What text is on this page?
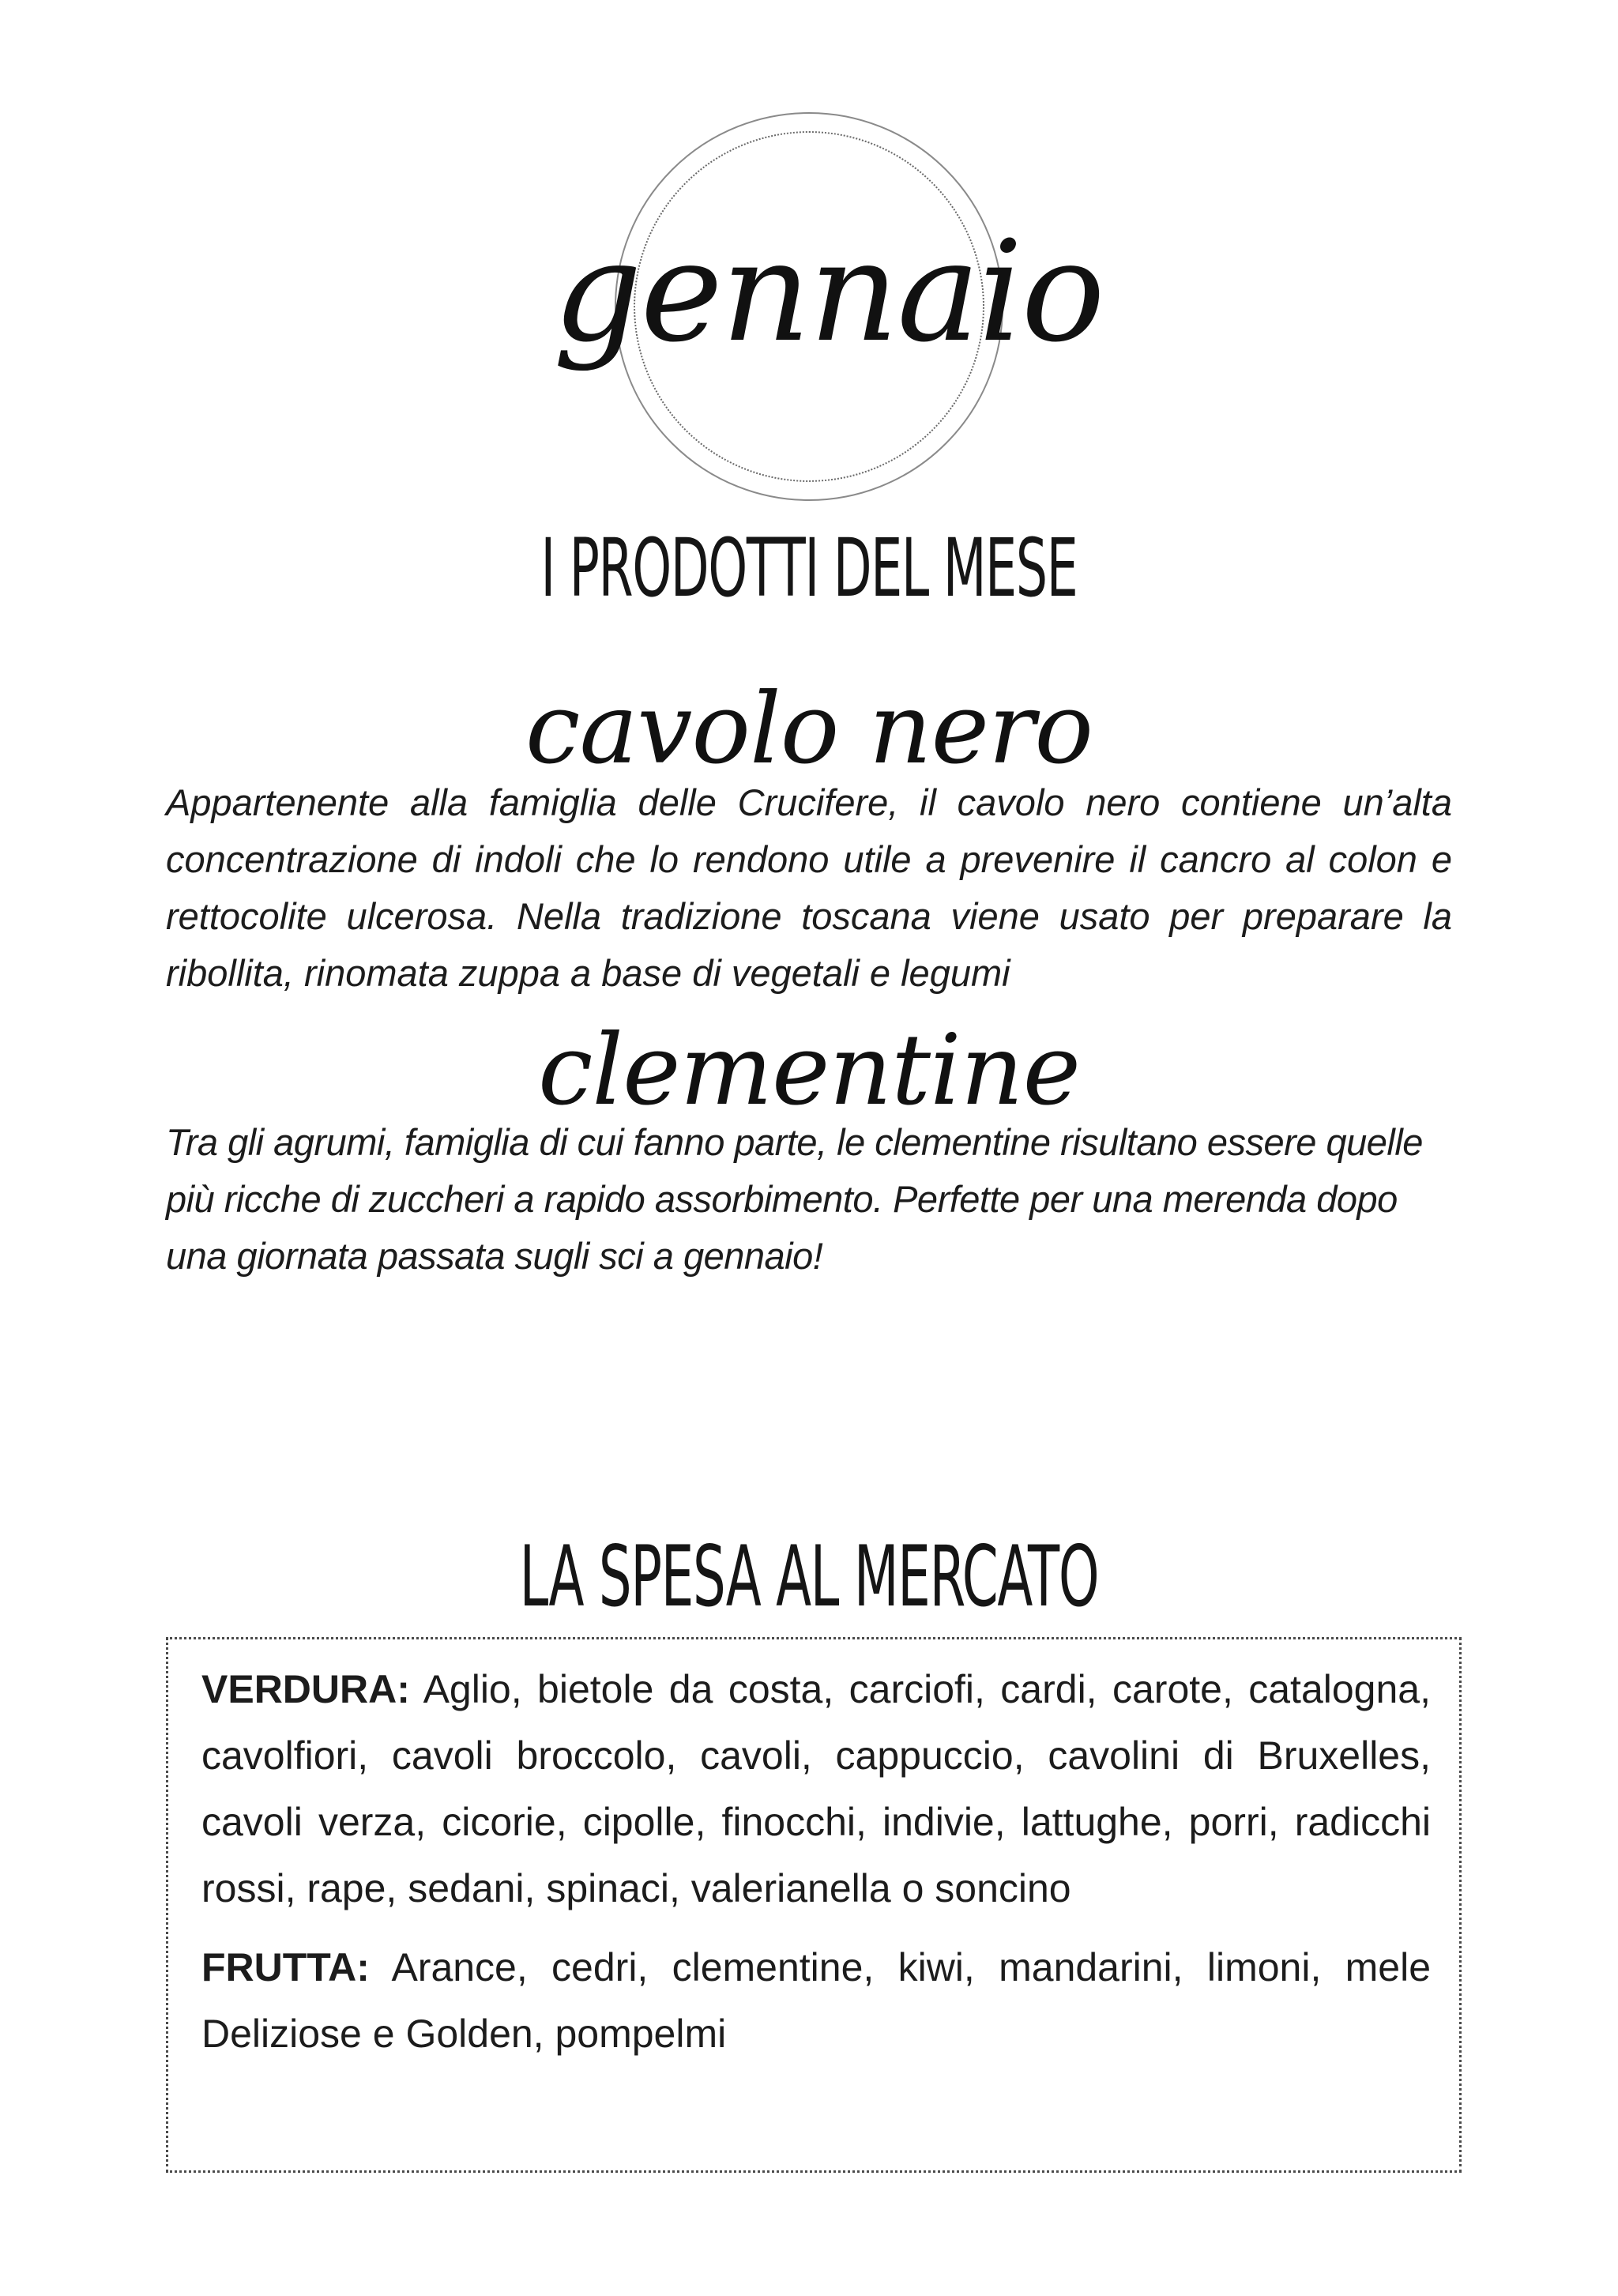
gennaio
I PRODOTTI DEL MESE
cavolo nero
Appartenente alla famiglia delle Crucifere, il cavolo nero contiene un’alta concentrazione di indoli che lo rendono utile a prevenire il cancro al colon e rettocolite ulcerosa. Nella tradizione toscana viene usato per preparare la ribollita, rinomata zuppa a base di vegetali e legumi
clementine
Tra gli agrumi, famiglia di cui fanno parte, le clementine risultano essere quelle più ricche di zuccheri a rapido assorbimento. Perfette per una merenda dopo una giornata passata sugli sci a gennaio!
LA SPESA AL MERCATO
VERDURA: Aglio, bietole da costa, carciofi, cardi, carote, catalogna, cavolfiori, cavoli broccolo, cavoli, cappuccio, cavolini di Bruxelles, cavoli verza, cicorie, cipolle, finocchi, indivie, lattughe, porri, radicchi rossi, rape, sedani, spinaci, valerianella o soncino
FRUTTA: Arance, cedri, clementine, kiwi, mandarini, limoni, mele Deliziose e Golden, pompelmi
